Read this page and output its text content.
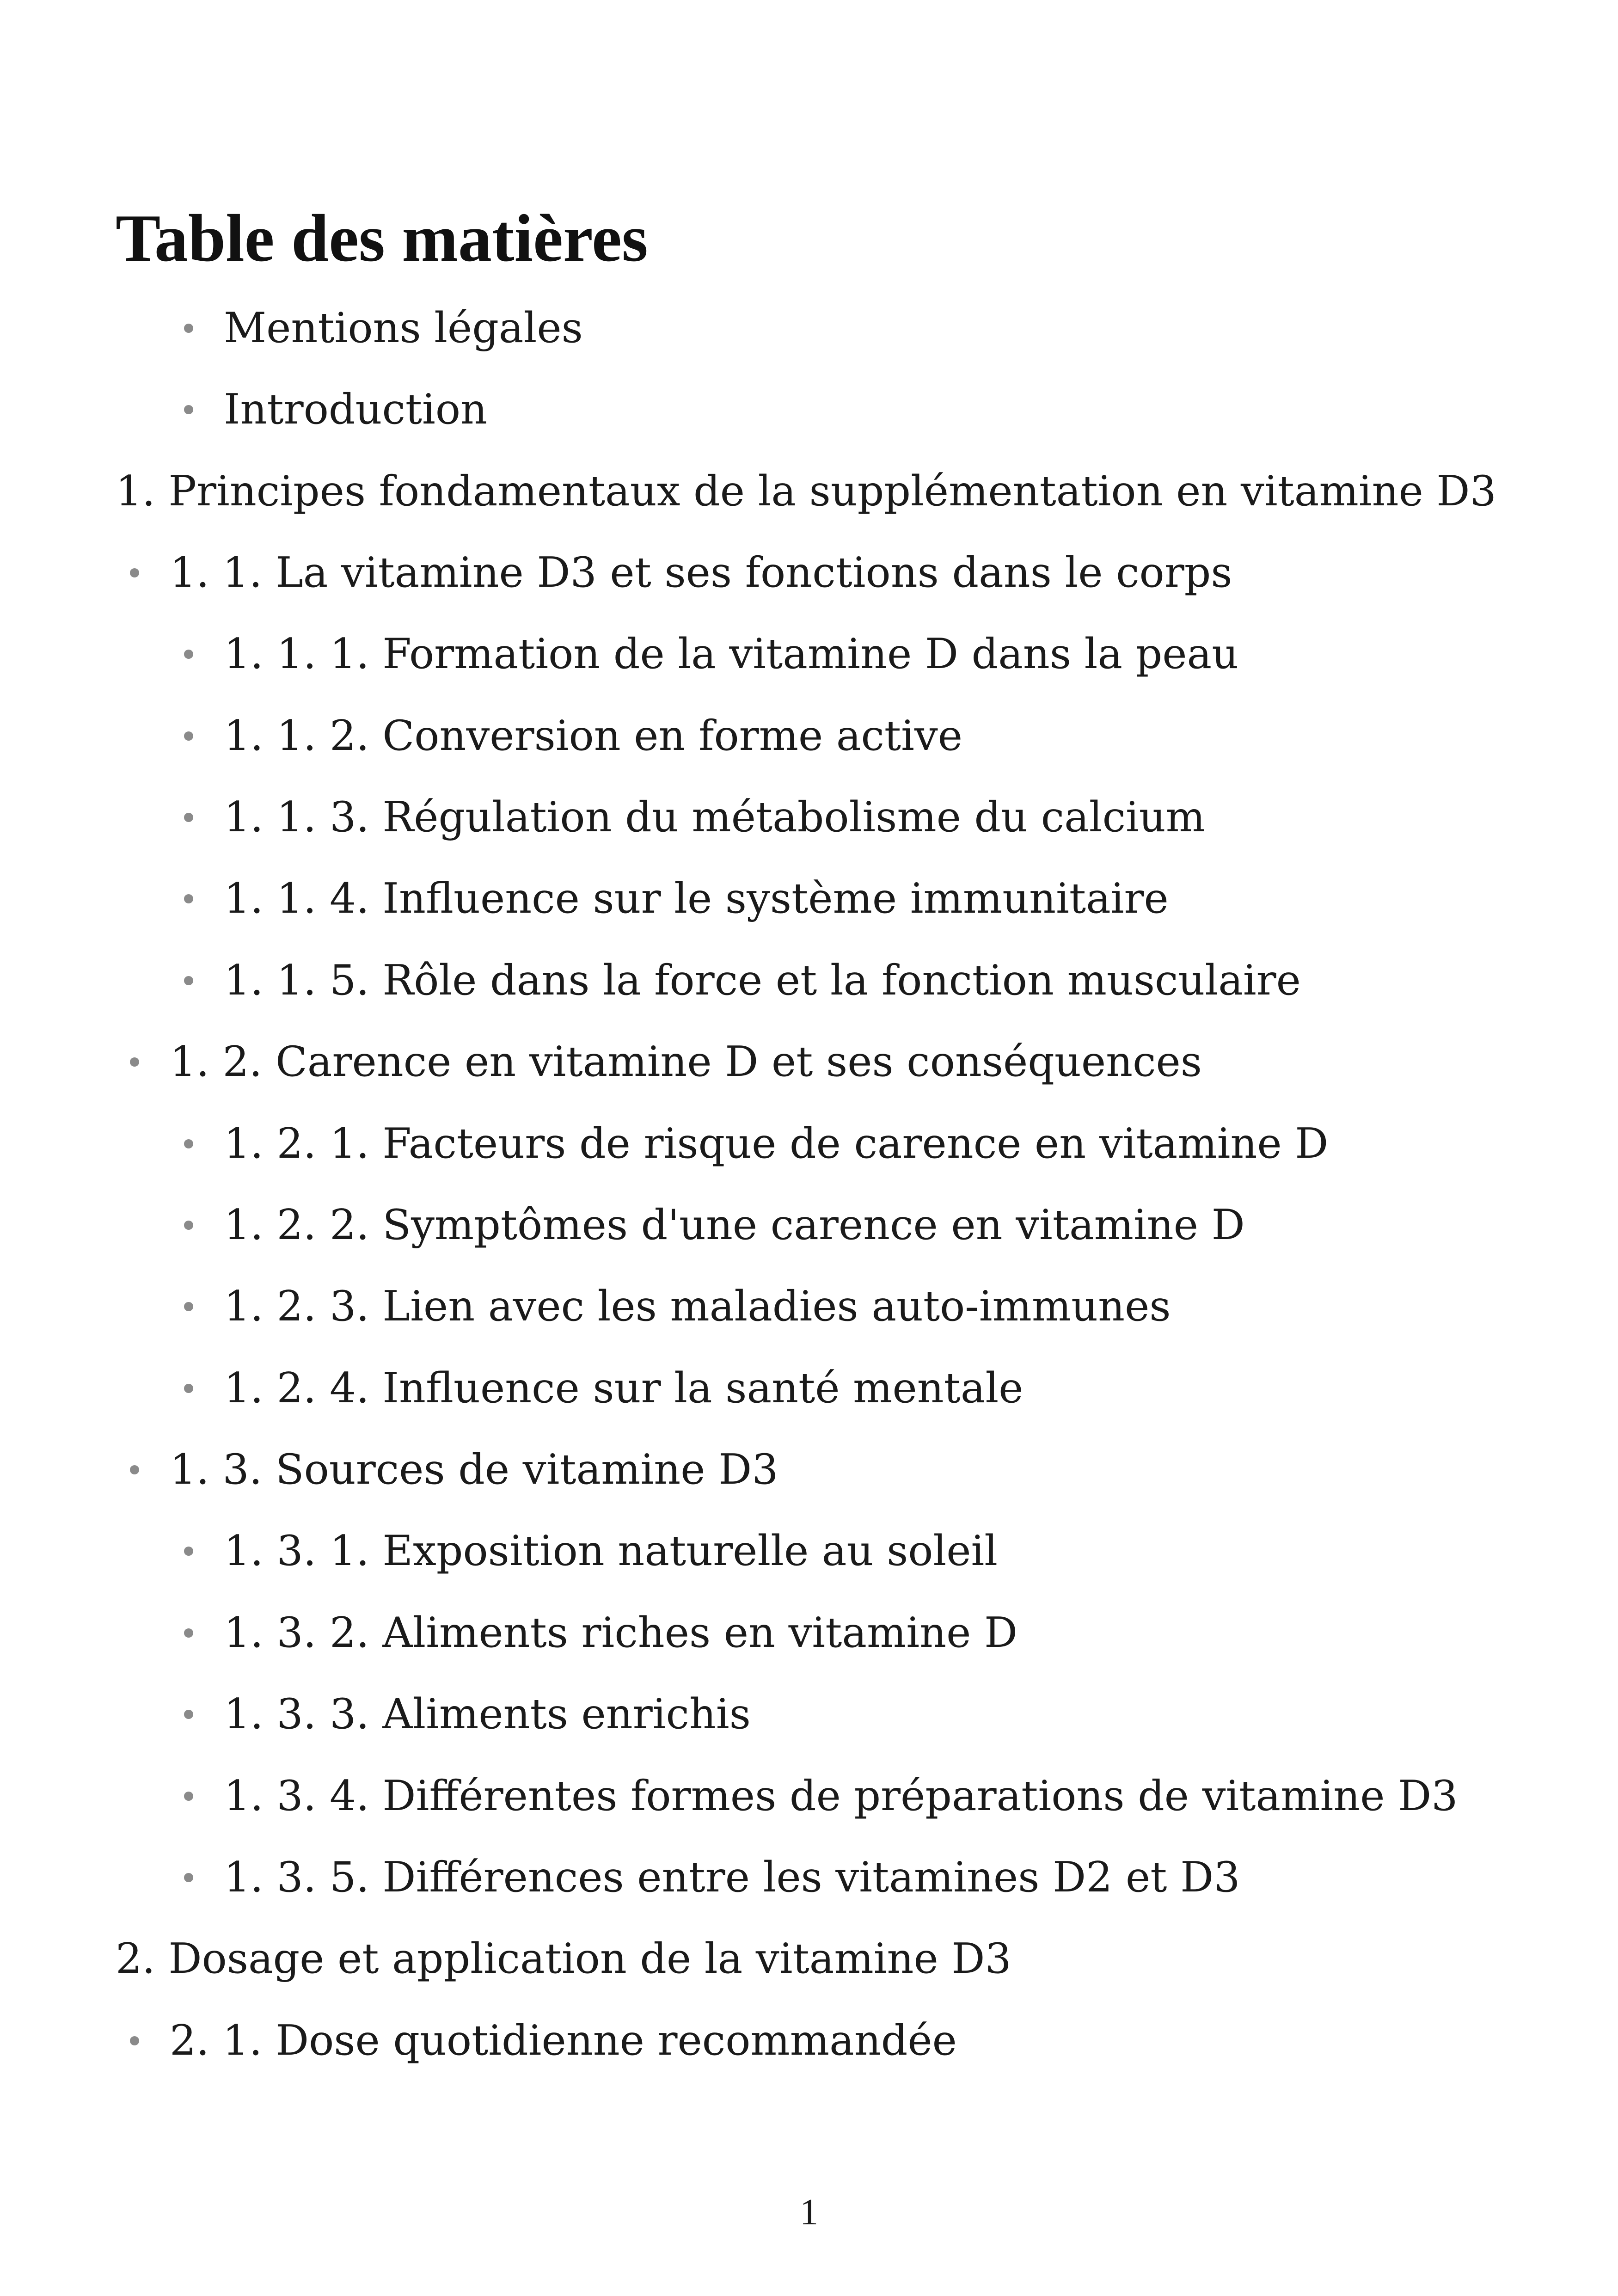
Table des matières
Mentions légales
Introduction
1. Principes fondamentaux de la supplémentation en vitamine D3
1. 1. La vitamine D3 et ses fonctions dans le corps
1. 1. 1. Formation de la vitamine D dans la peau
1. 1. 2. Conversion en forme active
1. 1. 3. Régulation du métabolisme du calcium
1. 1. 4. Influence sur le système immunitaire
1. 1. 5. Rôle dans la force et la fonction musculaire
1. 2. Carence en vitamine D et ses conséquences
1. 2. 1. Facteurs de risque de carence en vitamine D
1. 2. 2. Symptômes d'une carence en vitamine D
1. 2. 3. Lien avec les maladies auto-immunes
1. 2. 4. Influence sur la santé mentale
1. 3. Sources de vitamine D3
1. 3. 1. Exposition naturelle au soleil
1. 3. 2. Aliments riches en vitamine D
1. 3. 3. Aliments enrichis
1. 3. 4. Différentes formes de préparations de vitamine D3
1. 3. 5. Différences entre les vitamines D2 et D3
2. Dosage et application de la vitamine D3
2. 1. Dose quotidienne recommandée
1
